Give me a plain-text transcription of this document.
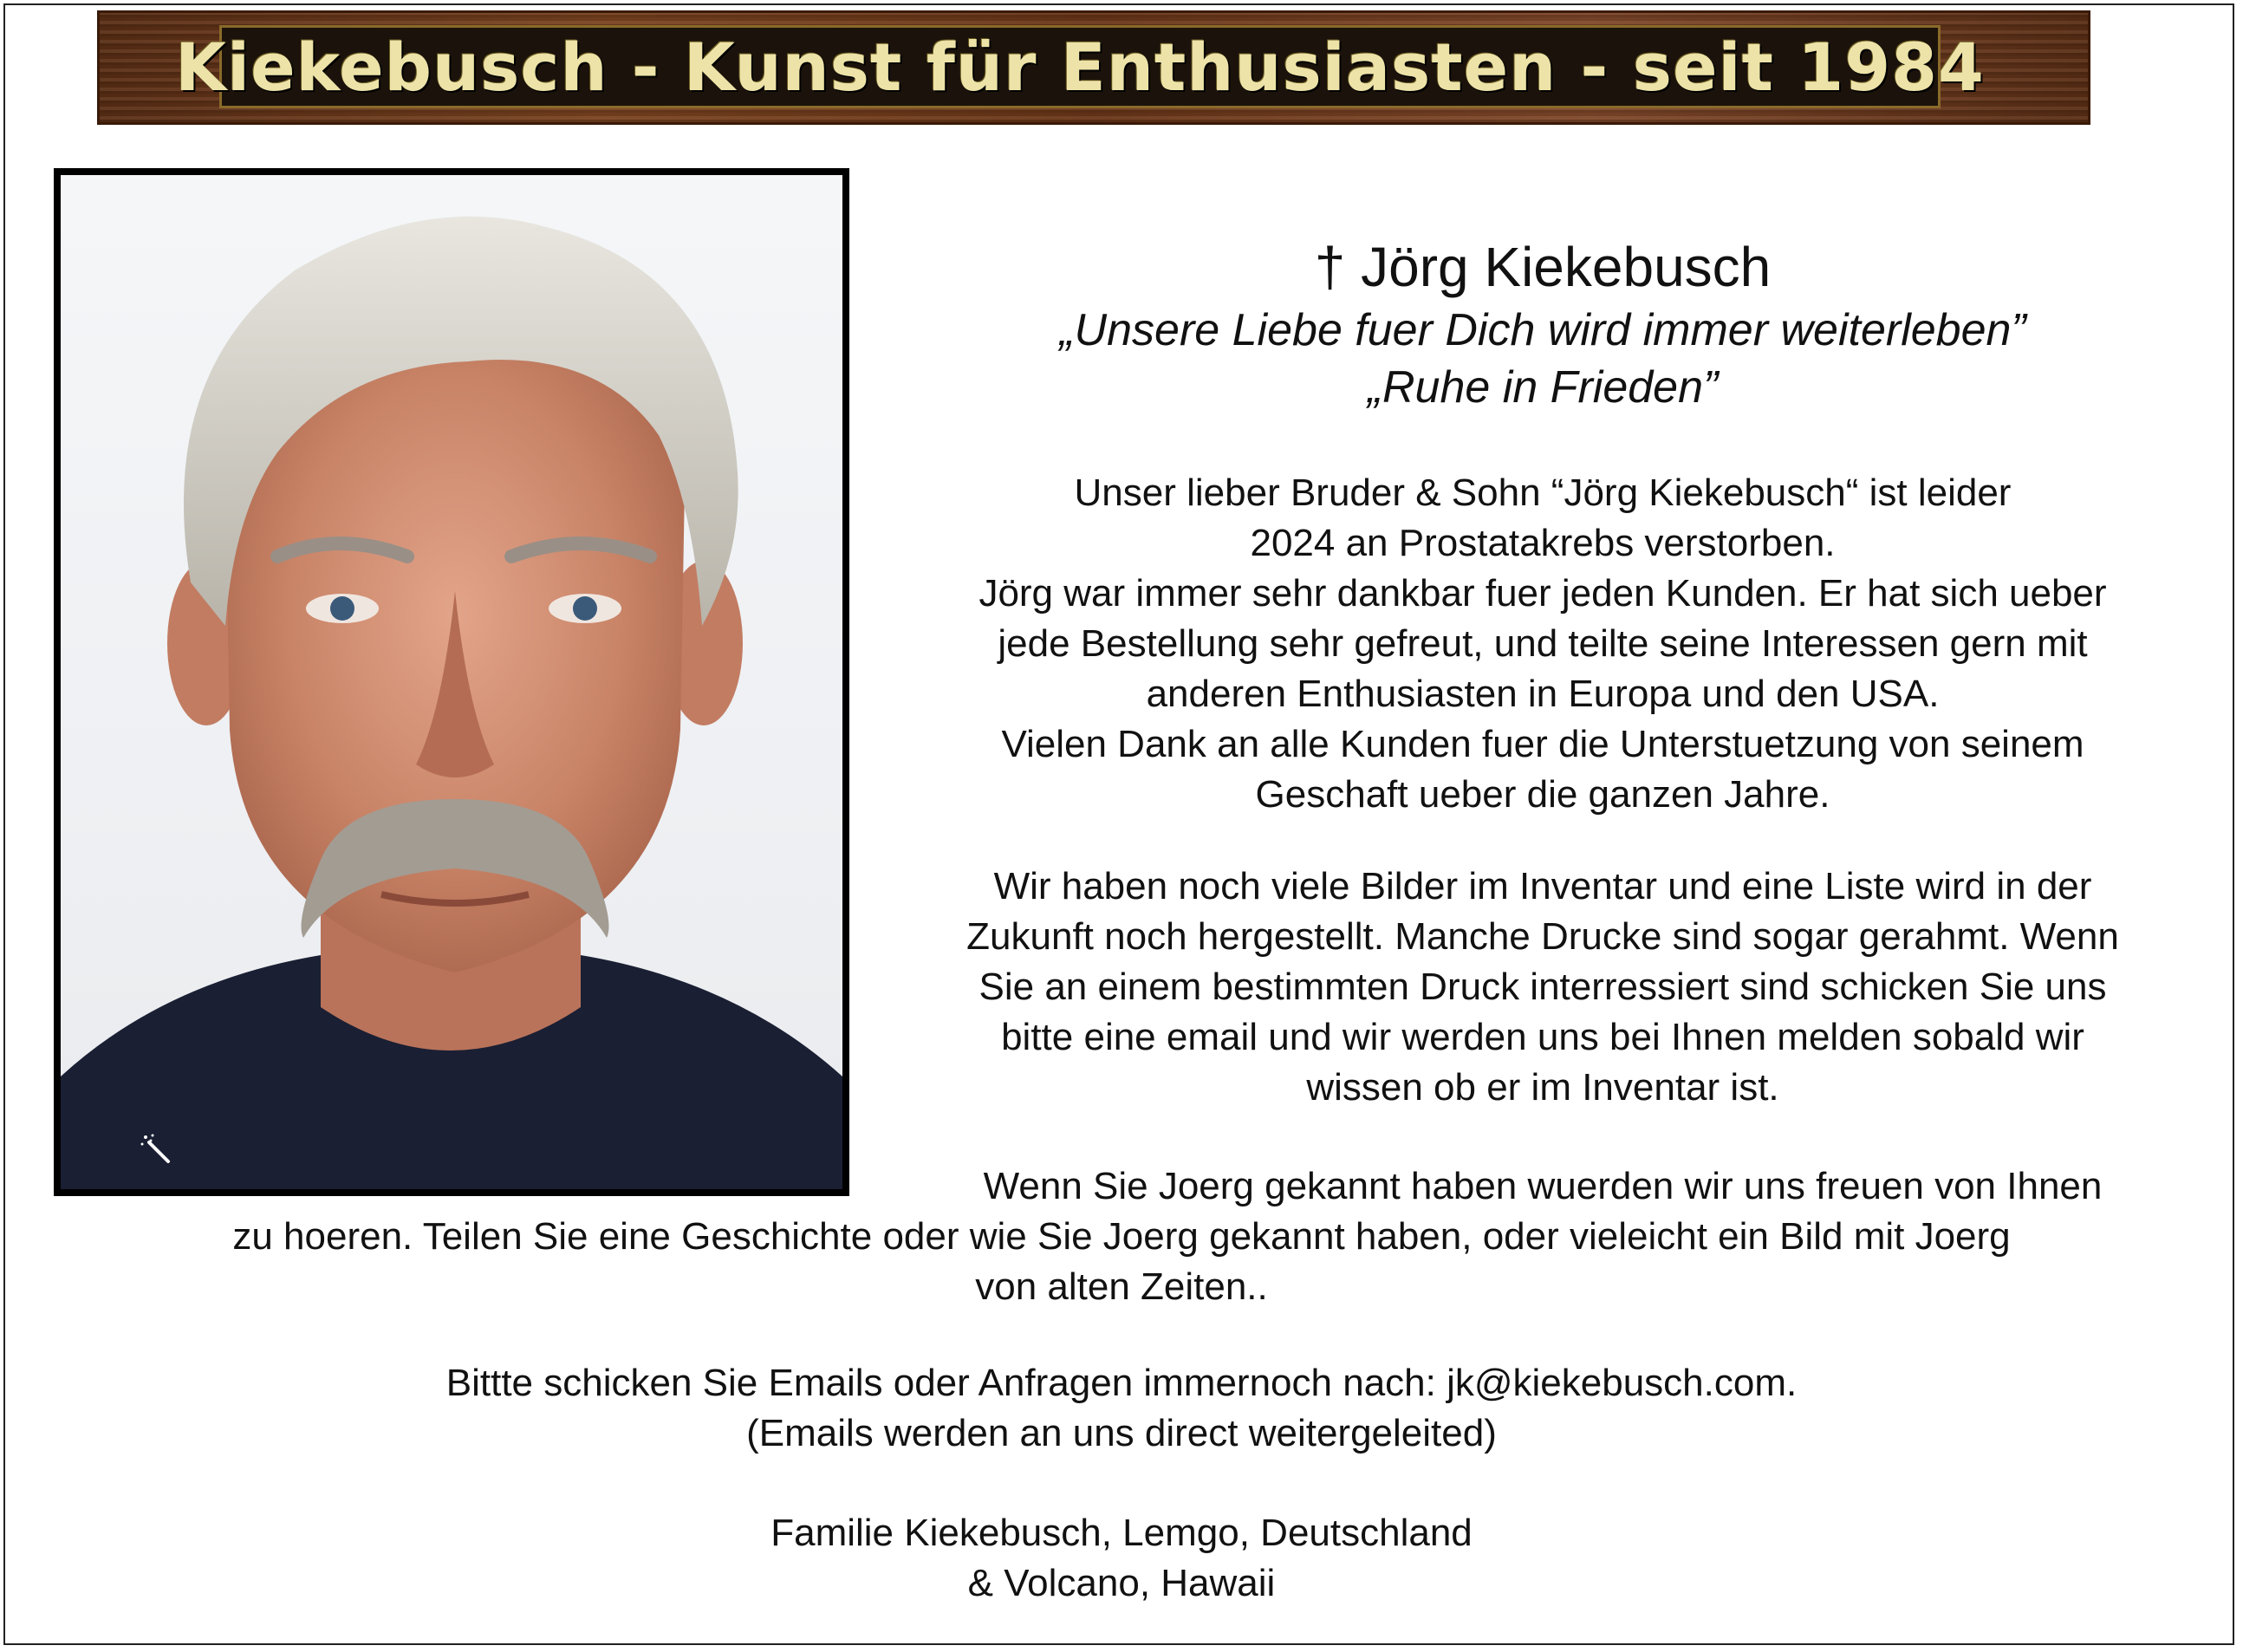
Kiekebusch - Kunst für Enthusiasten - seit 1984

† Jörg Kiekebusch

„Unsere Liebe fuer Dich wird immer weiterleben”

„Ruhe in Frieden”

Unser lieber Bruder & Sohn “Jörg Kiekebusch“ ist leider

2024 an Prostatakrebs verstorben.

Jörg war immer sehr dankbar fuer jeden Kunden. Er hat sich ueber

jede Bestellung sehr gefreut, und teilte seine Interessen gern mit

anderen Enthusiasten in Europa und den USA.

Vielen Dank an alle Kunden fuer die Unterstuetzung von seinem

Geschaft ueber die ganzen Jahre.

Wir haben noch viele Bilder im Inventar und eine Liste wird in der

Zukunft noch hergestellt. Manche Drucke sind sogar gerahmt. Wenn

Sie an einem bestimmten Druck interressiert sind schicken Sie uns

bitte eine email und wir werden uns bei Ihnen melden sobald wir

wissen ob er im Inventar ist.

Wenn Sie Joerg gekannt haben wuerden wir uns freuen von Ihnen

zu hoeren. Teilen Sie eine Geschichte oder wie Sie Joerg gekannt haben, oder vieleicht ein Bild mit Joerg

von alten Zeiten..

Bittte schicken Sie Emails oder Anfragen immernoch nach: jk@kiekebusch.com.

(Emails werden an uns direct weitergeleited)

Familie Kiekebusch, Lemgo, Deutschland

& Volcano, Hawaii
